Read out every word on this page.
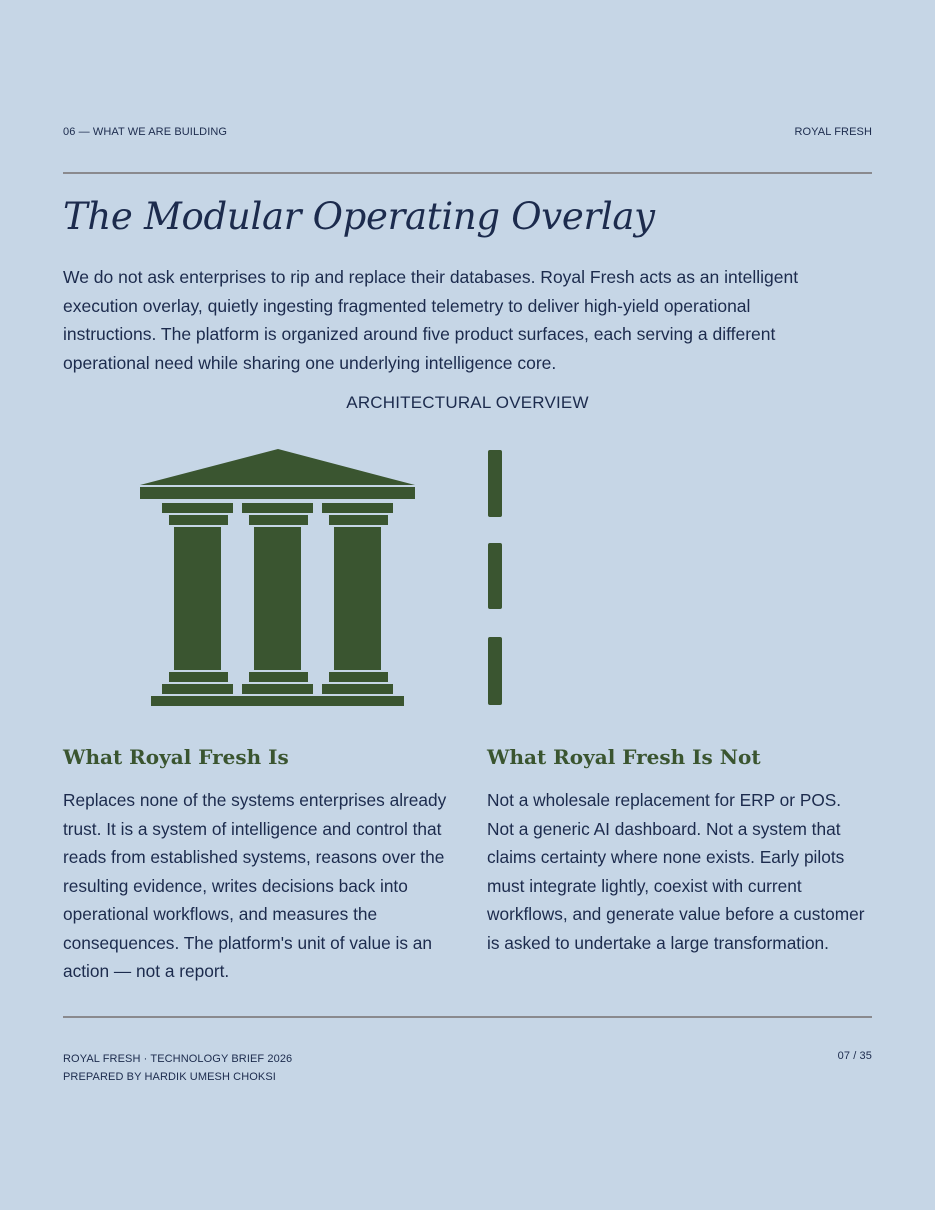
06 — WHAT WE ARE BUILDING	ROYAL FRESH
The Modular Operating Overlay

We do not ask enterprises to rip and replace their databases. Royal Fresh acts as an intelligent execution overlay, quietly ingesting fragmented telemetry to deliver high-yield operational instructions. The platform is organized around five product surfaces, each serving a different operational need while sharing one underlying intelligence core.

ARCHITECTURAL OVERVIEW
What Royal Fresh Is

Replaces none of the systems enterprises already trust. It is a system of intelligence and control that reads from established systems, reasons over the resulting evidence, writes decisions back into operational workflows, and measures the consequences. The platform's unit of value is an action — not a report.

What Royal Fresh Is Not

Not a wholesale replacement for ERP or POS. Not a generic AI dashboard. Not a system that claims certainty where none exists. Early pilots must integrate lightly, coexist with current workflows, and generate value before a customer is asked to undertake a large transformation.

ROYAL FRESH · TECHNOLOGY BRIEF 2026
PREPARED BY HARDIK UMESH CHOKSI
07 / 35
